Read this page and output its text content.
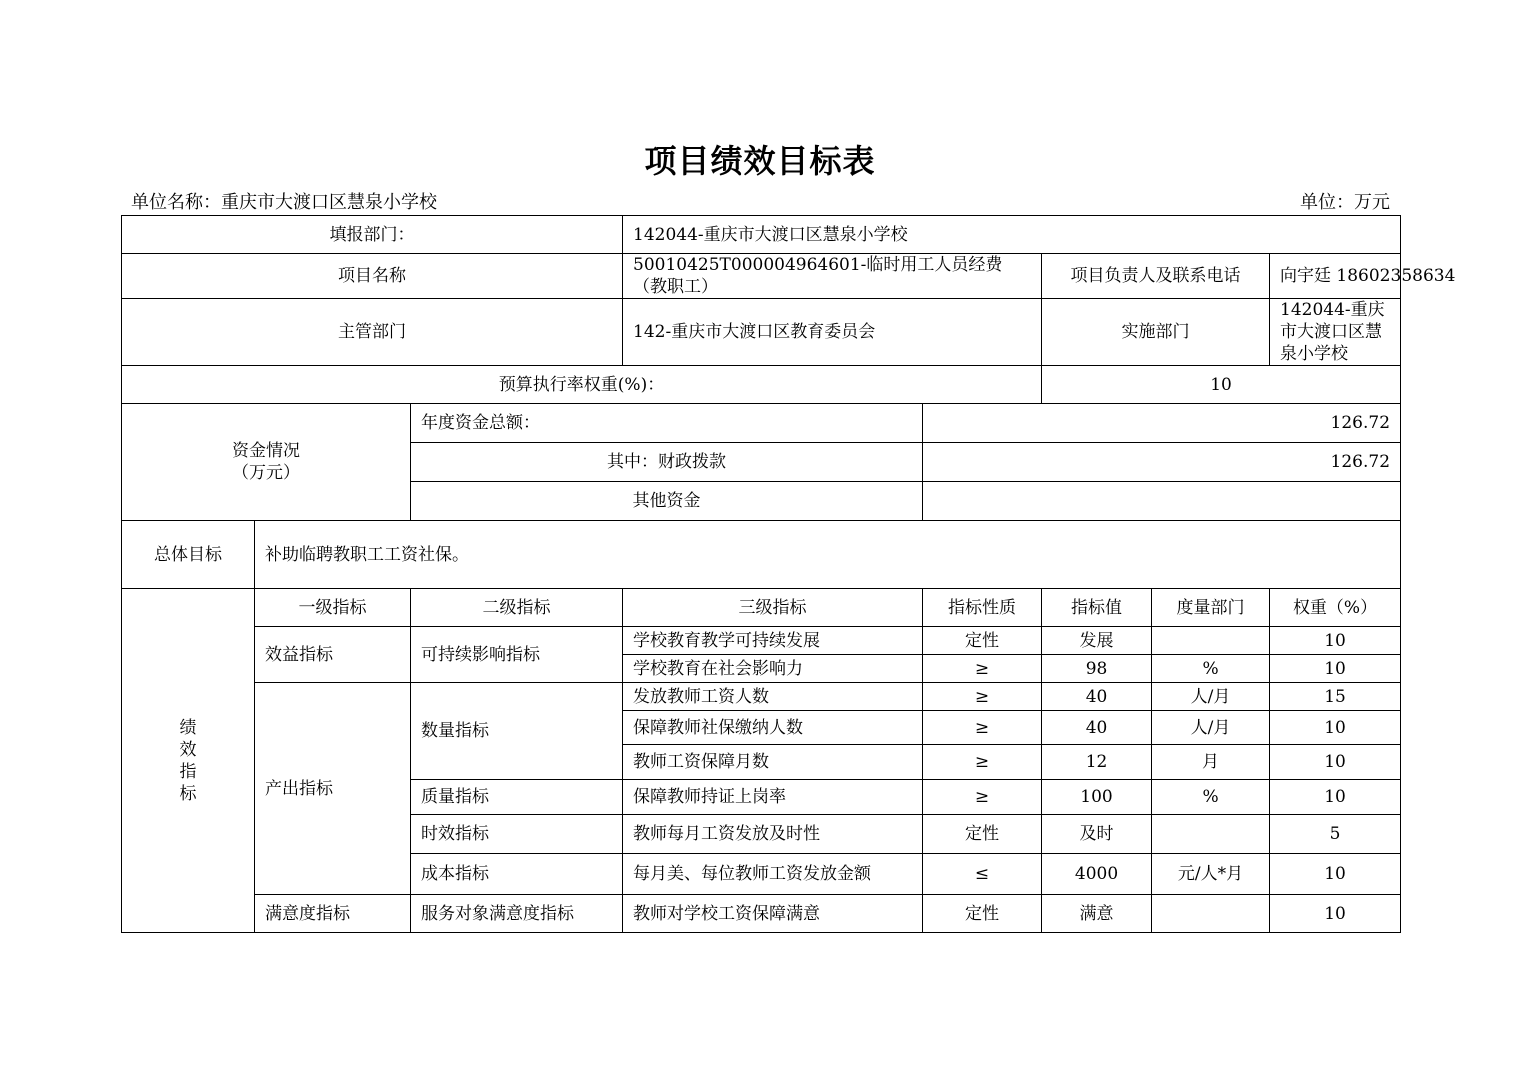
项目绩效目标表
单位名称：重庆市大渡口区慧泉小学校	单位：万元
填报部门：			142044-重庆市大渡口区慧泉小学校				
项目名称			50010425T000004964601-临时用工人员经费（教职工）		项目负责人及联系电话		向宇廷 18602358634
主管部门			142-重庆市大渡口区教育委员会		实施部门		142044-重庆市大渡口区慧泉小学校
预算执行率权重(%)：					10		

资金情况
（万元）		年度资金总额：		126.72			
		其中：财政拨款		126.72			
		其他资金					
总体目标	补助临聘教职工工资社保。						

绩
效
指
标	一级指标	二级指标	三级指标	指标性质	指标值	度量部门	权重（%）
	效益指标	可持续影响指标	学校教育教学可持续发展	定性	发展		10
			学校教育在社会影响力	≥	98	%	10
	产出指标	数量指标	发放教师工资人数	≥	40	人/月	15
			保障教师社保缴纳人数	≥	40	人/月	10
			教师工资保障月数	≥	12	月	10
		质量指标	保障教师持证上岗率	≥	100	%	10
		时效指标	教师每月工资发放及时性	定性	及时		5
		成本指标	每月美、每位教师工资发放金额	≤	4000	元/人*月	10
	满意度指标	服务对象满意度指标	教师对学校工资保障满意	定性	满意		10
